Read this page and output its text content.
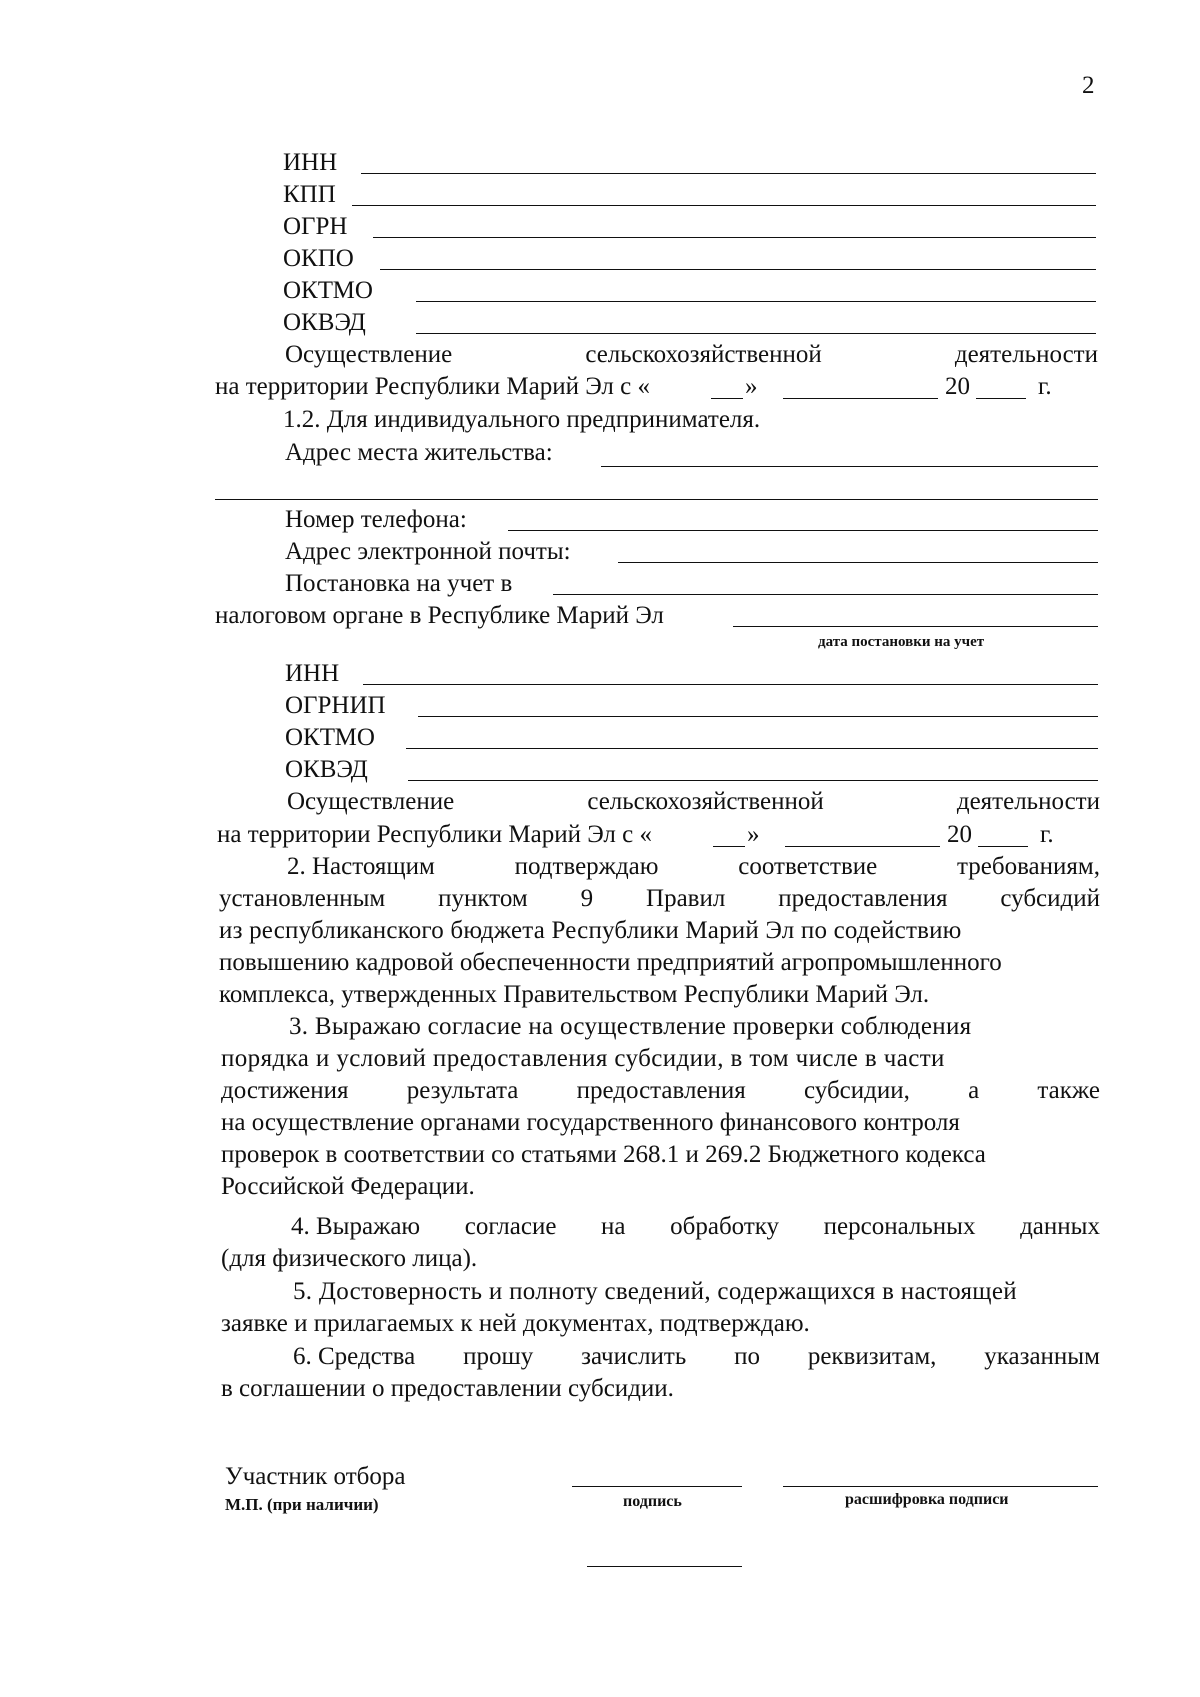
2
ИНН
КПП
ОГРН
ОКПО
ОКТМО
ОКВЭД
Осуществление	сельскохозяйственной	деятельности
на территории Республики Марий Эл с «	»	20	г.
1.2. Для индивидуального предпринимателя.
Адрес места жительства:
Номер телефона:
Адрес электронной почты:
Постановка на учет в
налоговом органе в Республике Марий Эл
дата постановки на учет
ИНН
ОГРНИП
ОКТМО
ОКВЭД
Осуществление	сельскохозяйственной	деятельности
на территории Республики Марий Эл с «	»	20	г.
2. Настоящим	подтверждаю	соответствие	требованиям,
установленным пунктом 9 Правил предоставления субсидий
из республиканского бюджета Республики Марий Эл по содействию
повышению кадровой обеспеченности предприятий агропромышленного
комплекса, утвержденных Правительством Республики Марий Эл.
3. Выражаю согласие на осуществление проверки соблюдения
порядка и условий предоставления субсидии, в том числе в части
достижения результата предоставления субсидии, а также
на осуществление органами государственного финансового контроля
проверок в соответствии со статьями 268.1 и 269.2 Бюджетного кодекса
Российской Федерации.
4. Выражаю согласие на обработку персональных данных
(для физического лица).
5. Достоверность и полноту сведений, содержащихся в настоящей
заявке и прилагаемых к ней документах, подтверждаю.
6. Средства прошу зачислить по реквизитам, указанным
в соглашении о предоставлении субсидии.
Участник отбора
М.П. (при наличии)	подпись	расшифровка подписи
